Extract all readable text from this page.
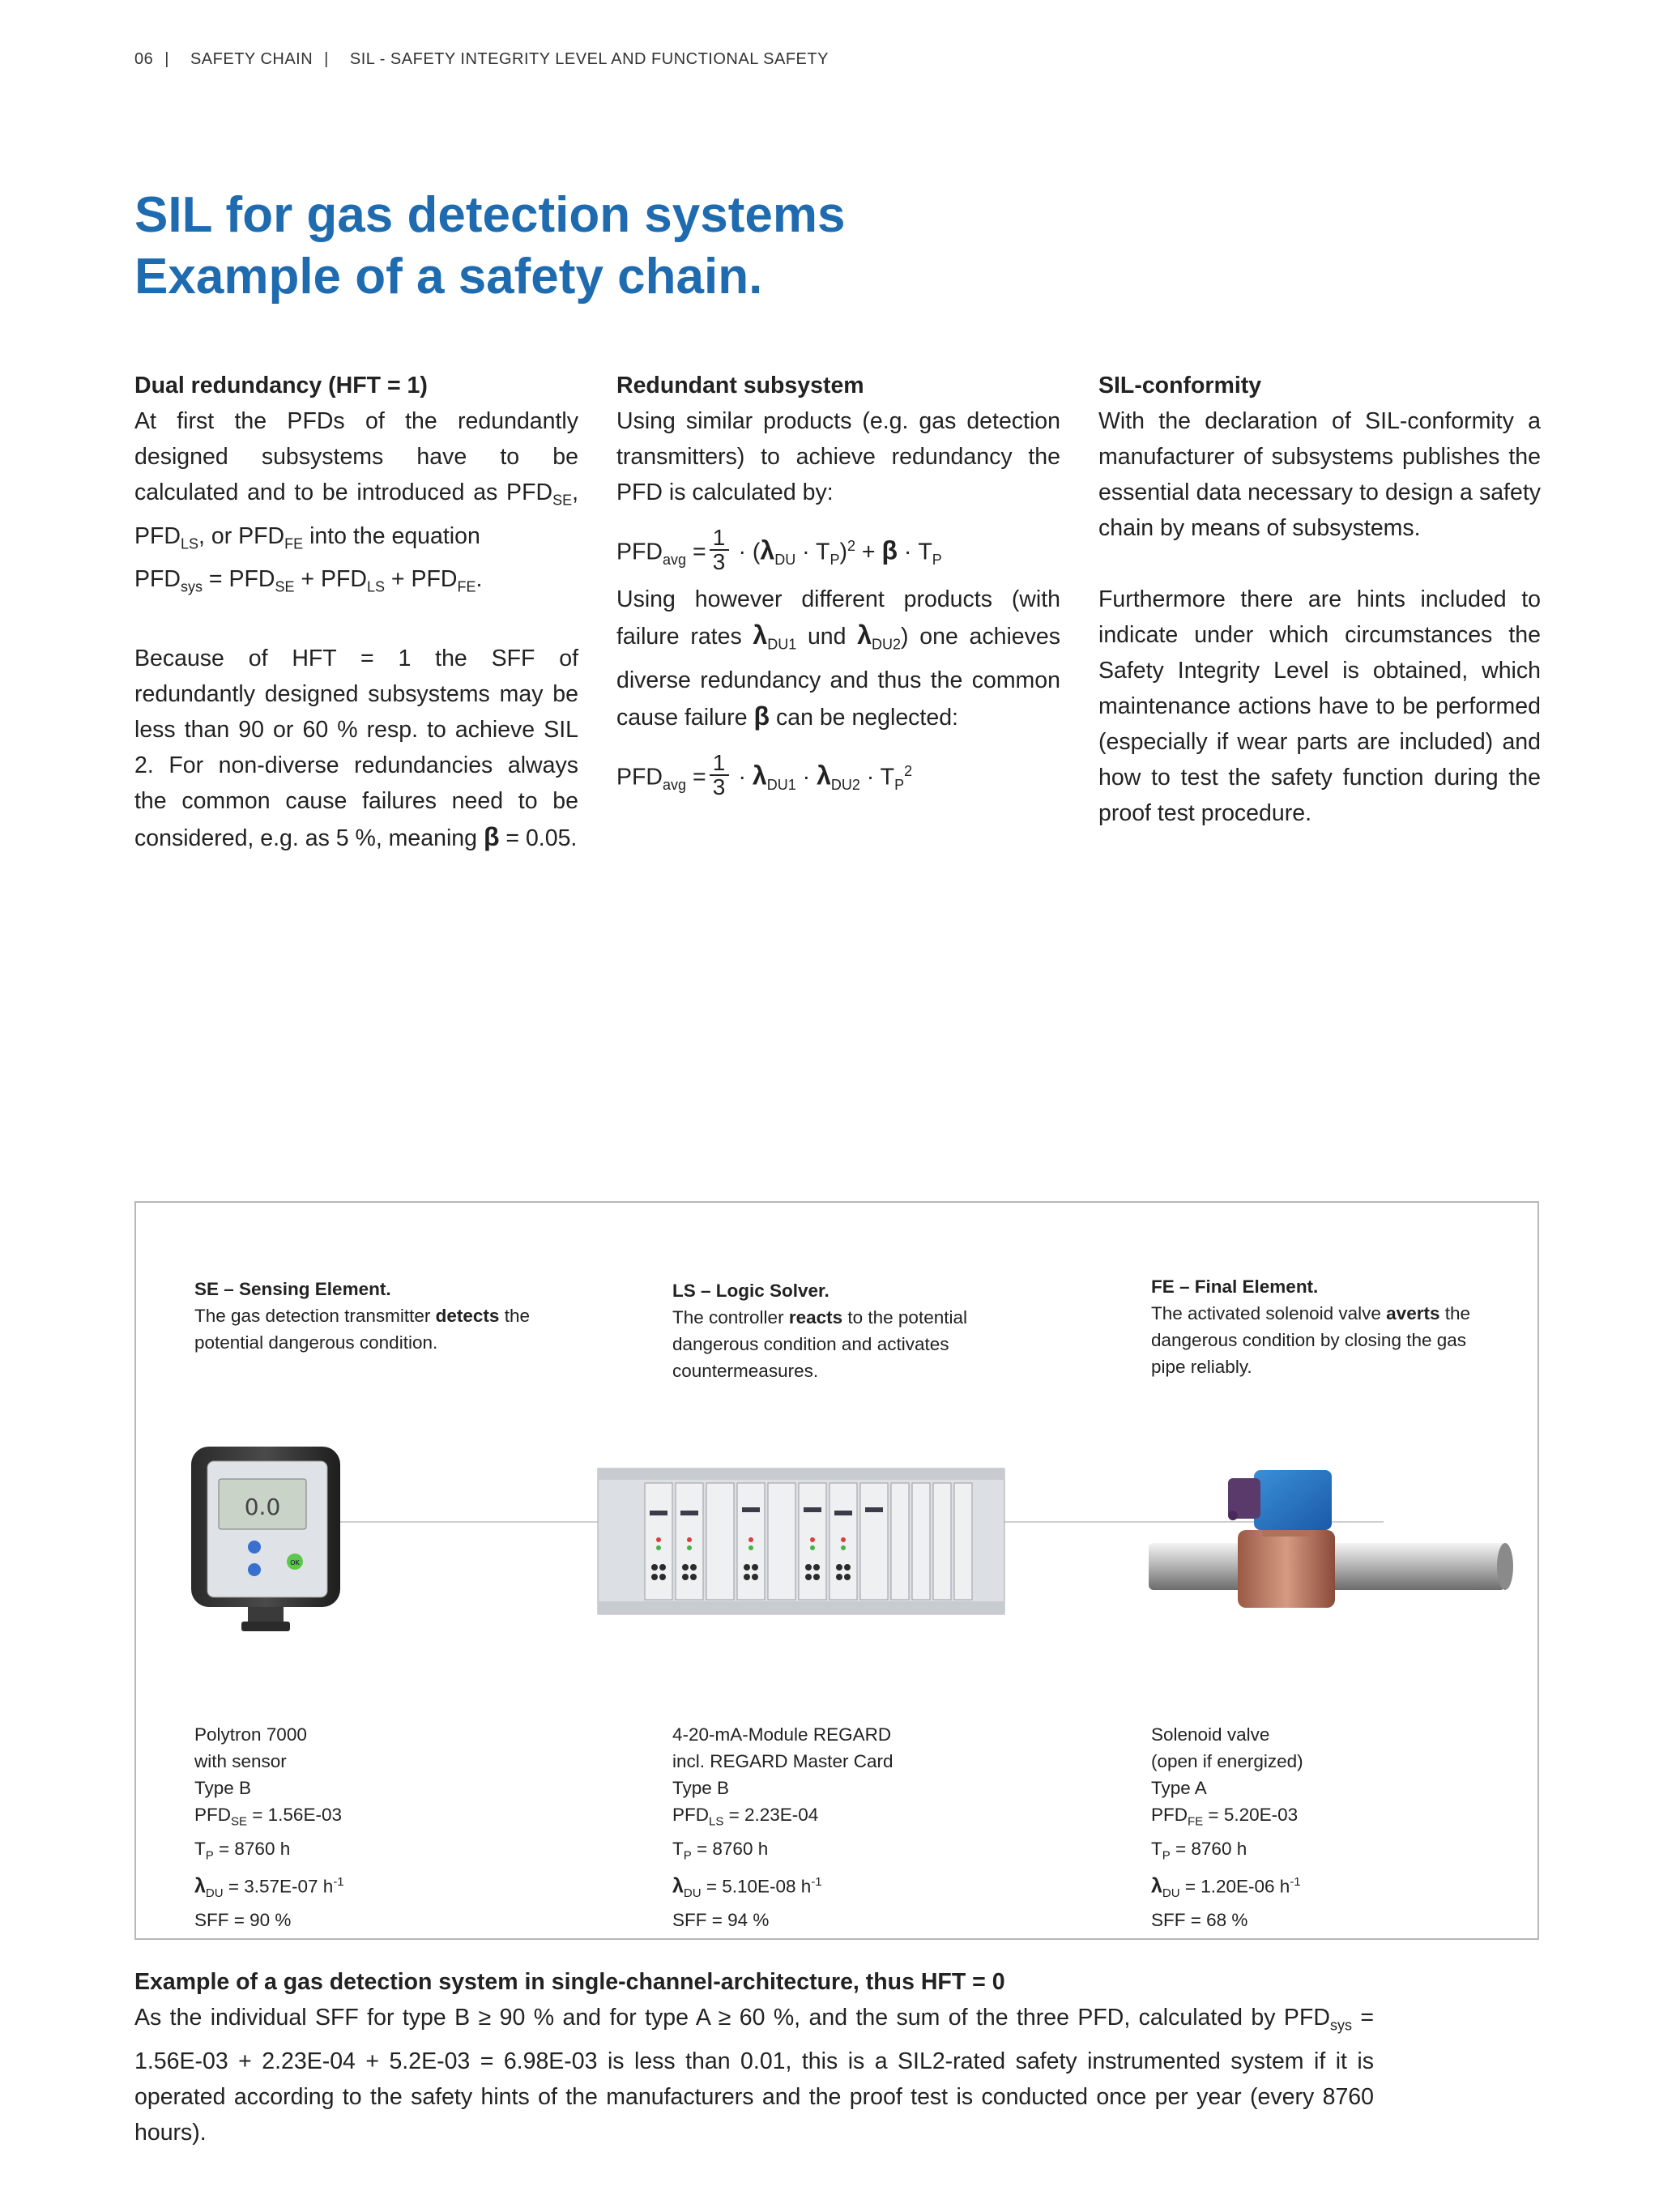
06 | SAFETY CHAIN | SIL - SAFETY INTEGRITY LEVEL AND FUNCTIONAL SAFETY
SIL for gas detection systems
Example of a safety chain.
Dual redundancy (HFT = 1)

At first the PFDs of the redundantly designed subsystems have to be calculated and to be introduced as $PFD_{SE}$, $PFD_{LS}$, or $PFD_{FE}$ into the equation

$PFD_{sys} = PFD_{SE} + PFD_{LS} + PFD_{FE}$.

Because of HFT = 1 the SFF of redundantly designed subsystems may be less than 90 or 60 % resp. to achieve SIL 2. For non-diverse redundancies always the common cause failures need to be considered, e.g. as 5 %, meaning β = 0.05.

Redundant subsystem

Using similar products (e.g. gas detection transmitters) to achieve redundancy the PFD is calculated by:

$PFD_{avg} = \frac{1}{3} \cdot (\lambda_{DU} \cdot T_P)^2 + \beta \cdot T_P$

Using however different products (with failure rates $\lambda_{DU1}$ und $\lambda_{DU2}$) one achieves diverse redundancy and thus the common cause failure β can be neglected:

$PFD_{avg} = \frac{1}{3} \cdot \lambda_{DU1} \cdot \lambda_{DU2} \cdot T_P^2$
SIL-conformity

With the declaration of SIL-conformity a manufacturer of subsystems publishes the essential data necessary to design a safety chain by means of subsystems.

Furthermore there are hints included to indicate under which circumstances the Safety Integrity Level is obtained, which maintenance actions have to be performed (especially if wear parts are included) and how to test the safety function during the proof test procedure.

SE – Sensing Element.

The gas detection transmitter detects the potential dangerous condition.

LS – Logic Solver.

The controller reacts to the potential dangerous condition and activates countermeasures.

FE – Final Element.

The activated solenoid valve averts the dangerous condition by closing the gas pipe reliably.

0.0
OK
Polytron 7000
with sensor
Type B
$PFD_{SE} = 1.56E-03$
$T_P = 8760$ h
$\lambda_{DU} = 3.57E-07$ $h^{-1}$
SFF = 90 %
4-20-mA-Module REGARD
incl. REGARD Master Card
Type B
$PFD_{LS} = 2.23E-04$
$T_P = 8760$ h
$\lambda_{DU} = 5.10E-08$ $h^{-1}$
SFF = 94 %
Solenoid valve
(open if energized)
Type A
$PFD_{FE} = 5.20E-03$
$T_P = 8760$ h
$\lambda_{DU} = 1.20E-06$ $h^{-1}$
SFF = 68 %
Example of a gas detection system in single-channel-architecture, thus HFT = 0

As the individual SFF for type B ≥ 90 % and for type A ≥ 60 %, and the sum of the three PFD, calculated by $PFD_{sys} = 1.56E-03 + 2.23E-04 + 5.2E-03 = 6.98E-03$ is less than 0.01, this is a SIL2-rated safety instrumented system if it is operated according to the safety hints of the manufacturers and the proof test is conducted once per year (every 8760 hours).
